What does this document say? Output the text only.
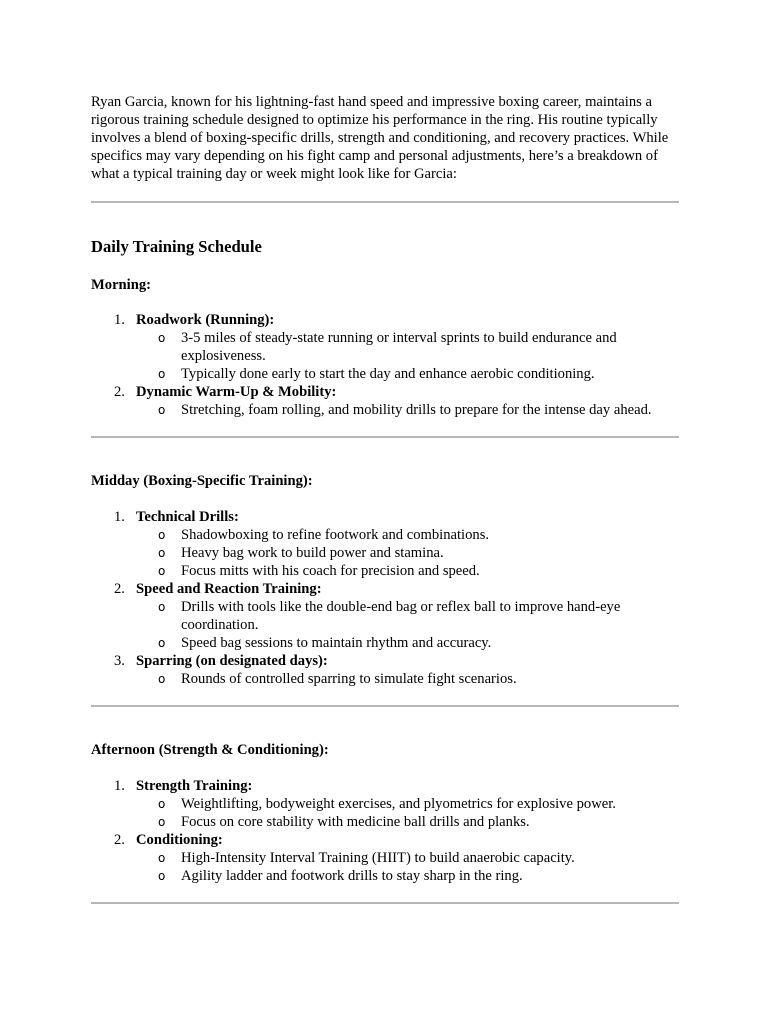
Ryan Garcia, known for his lightning-fast hand speed and impressive boxing career, maintains a rigorous training schedule designed to optimize his performance in the ring. His routine typically involves a blend of boxing-specific drills, strength and conditioning, and recovery practices. While specifics may vary depending on his fight camp and personal adjustments, here’s a breakdown of what a typical training day or week might look like for Garcia:

Daily Training Schedule
Morning:
1. Roadwork (Running):
o 3-5 miles of steady-state running or interval sprints to build endurance and explosiveness.
o Typically done early to start the day and enhance aerobic conditioning.
2. Dynamic Warm-Up & Mobility:
o Stretching, foam rolling, and mobility drills to prepare for the intense day ahead.
Midday (Boxing-Specific Training):
1. Technical Drills:
o Shadowboxing to refine footwork and combinations.
o Heavy bag work to build power and stamina.
o Focus mitts with his coach for precision and speed.
2. Speed and Reaction Training:
o Drills with tools like the double-end bag or reflex ball to improve hand-eye coordination.
o Speed bag sessions to maintain rhythm and accuracy.
3. Sparring (on designated days):
o Rounds of controlled sparring to simulate fight scenarios.
Afternoon (Strength & Conditioning):
1. Strength Training:
o Weightlifting, bodyweight exercises, and plyometrics for explosive power.
o Focus on core stability with medicine ball drills and planks.
2. Conditioning:
o High-Intensity Interval Training (HIIT) to build anaerobic capacity.
o Agility ladder and footwork drills to stay sharp in the ring.
